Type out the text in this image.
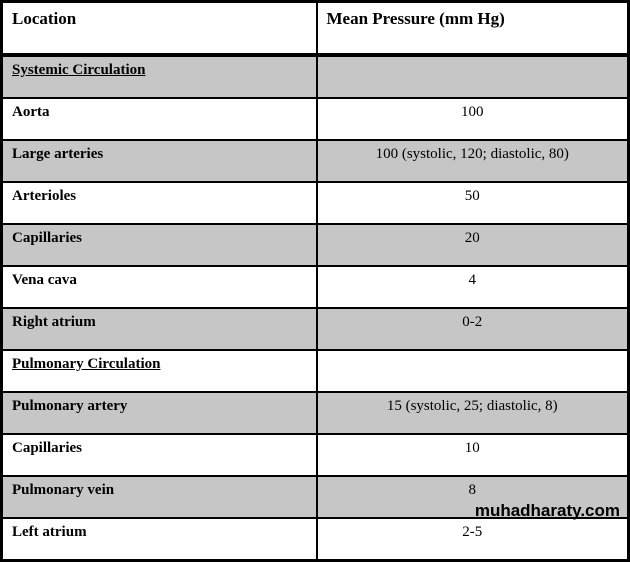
Location	Mean Pressure (mm Hg)
Systemic Circulation	
Aorta	100
Large arteries	100 (systolic, 120; diastolic, 80)
Arterioles	50
Capillaries	20
Vena cava	4
Right atrium	0-2
Pulmonary Circulation	
Pulmonary artery	15 (systolic, 25; diastolic, 8)
Capillaries	10
Pulmonary vein	8
Left atrium	2-5
muhadharaty.com
